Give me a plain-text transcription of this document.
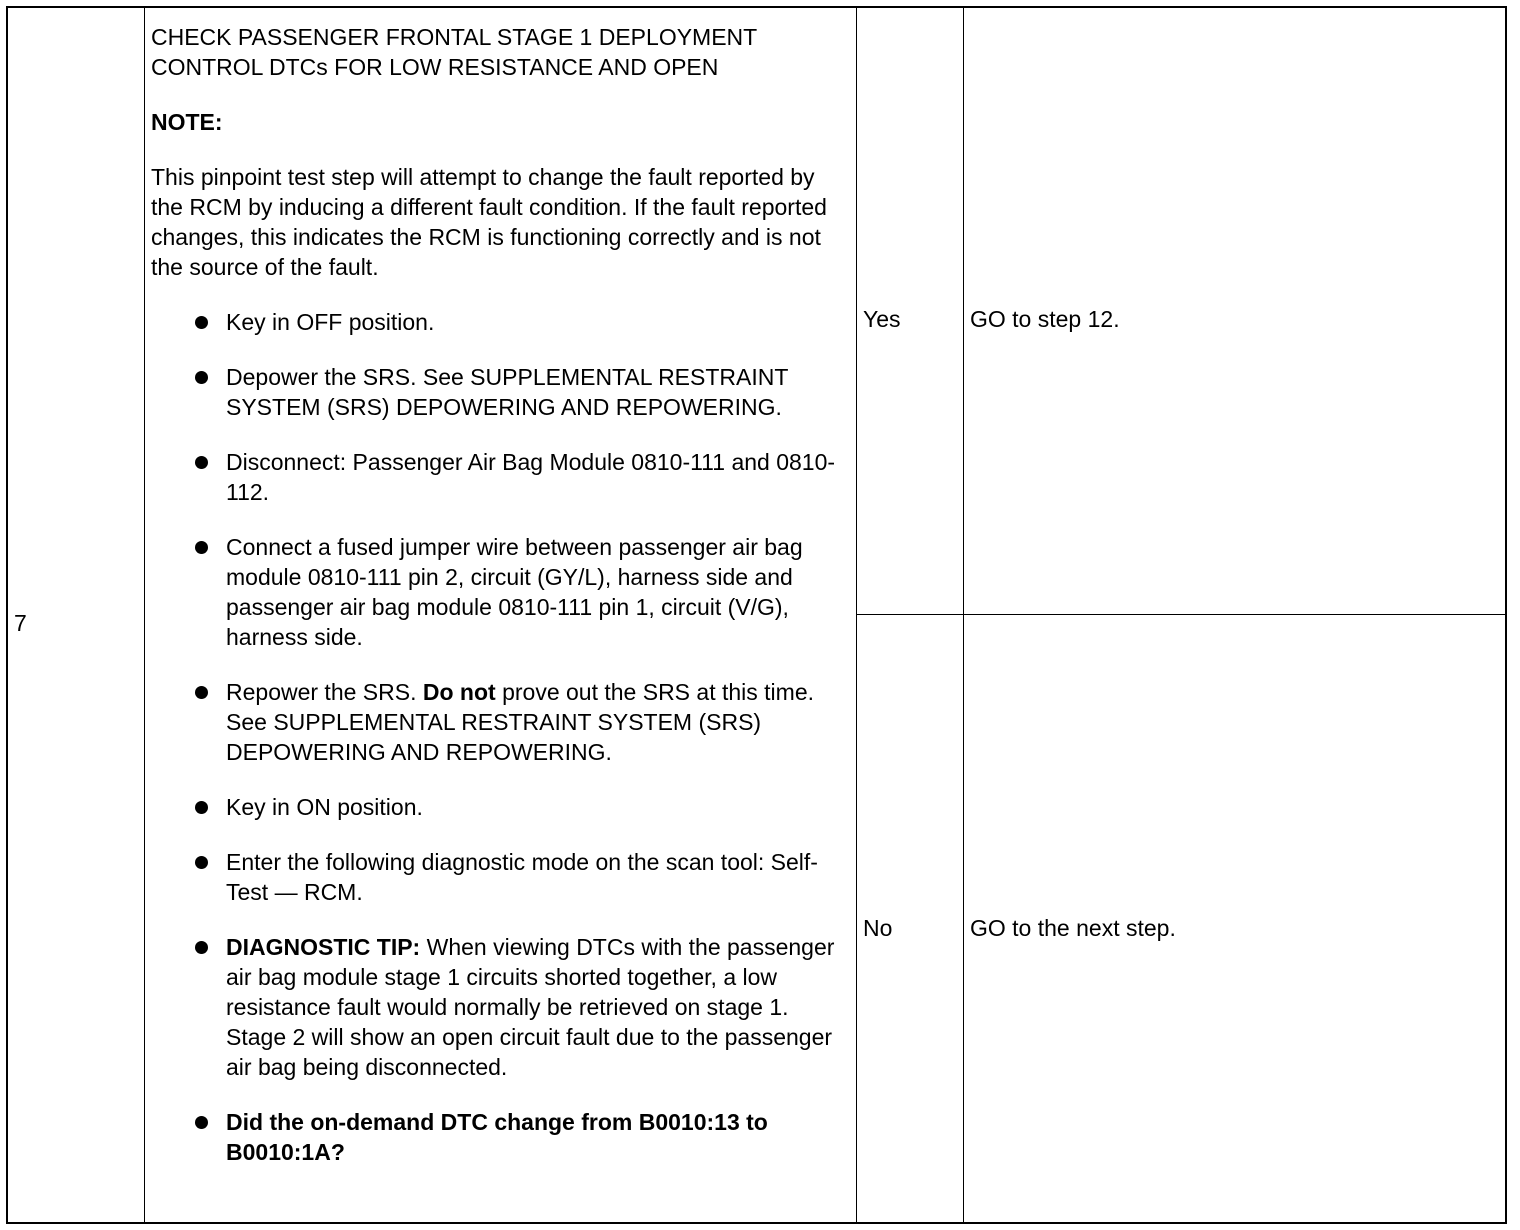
7

CHECK PASSENGER FRONTAL STAGE 1 DEPLOYMENT CONTROL DTCs FOR LOW RESISTANCE AND OPEN

NOTE:

This pinpoint test step will attempt to change the fault reported by the RCM by inducing a different fault condition. If the fault reported changes, this indicates the RCM is functioning correctly and is not the source of the fault.

Key in OFF position.
Depower the SRS. See SUPPLEMENTAL RESTRAINT SYSTEM (SRS) DEPOWERING AND REPOWERING.
Disconnect: Passenger Air Bag Module 0810-111 and 0810-112.
Connect a fused jumper wire between passenger air bag module 0810-111 pin 2, circuit (GY/L), harness side and passenger air bag module 0810-111 pin 1, circuit (V/G), harness side.
Repower the SRS. Do not prove out the SRS at this time. See SUPPLEMENTAL RESTRAINT SYSTEM (SRS) DEPOWERING AND REPOWERING.
Key in ON position.
Enter the following diagnostic mode on the scan tool: Self-Test — RCM.
DIAGNOSTIC TIP: When viewing DTCs with the passenger air bag module stage 1 circuits shorted together, a low resistance fault would normally be retrieved on stage 1. Stage 2 will show an open circuit fault due to the passenger air bag being disconnected.
Did the on-demand DTC change from B0010:13 to B0010:1A?
Yes	GO to step 12.
No	GO to the next step.
